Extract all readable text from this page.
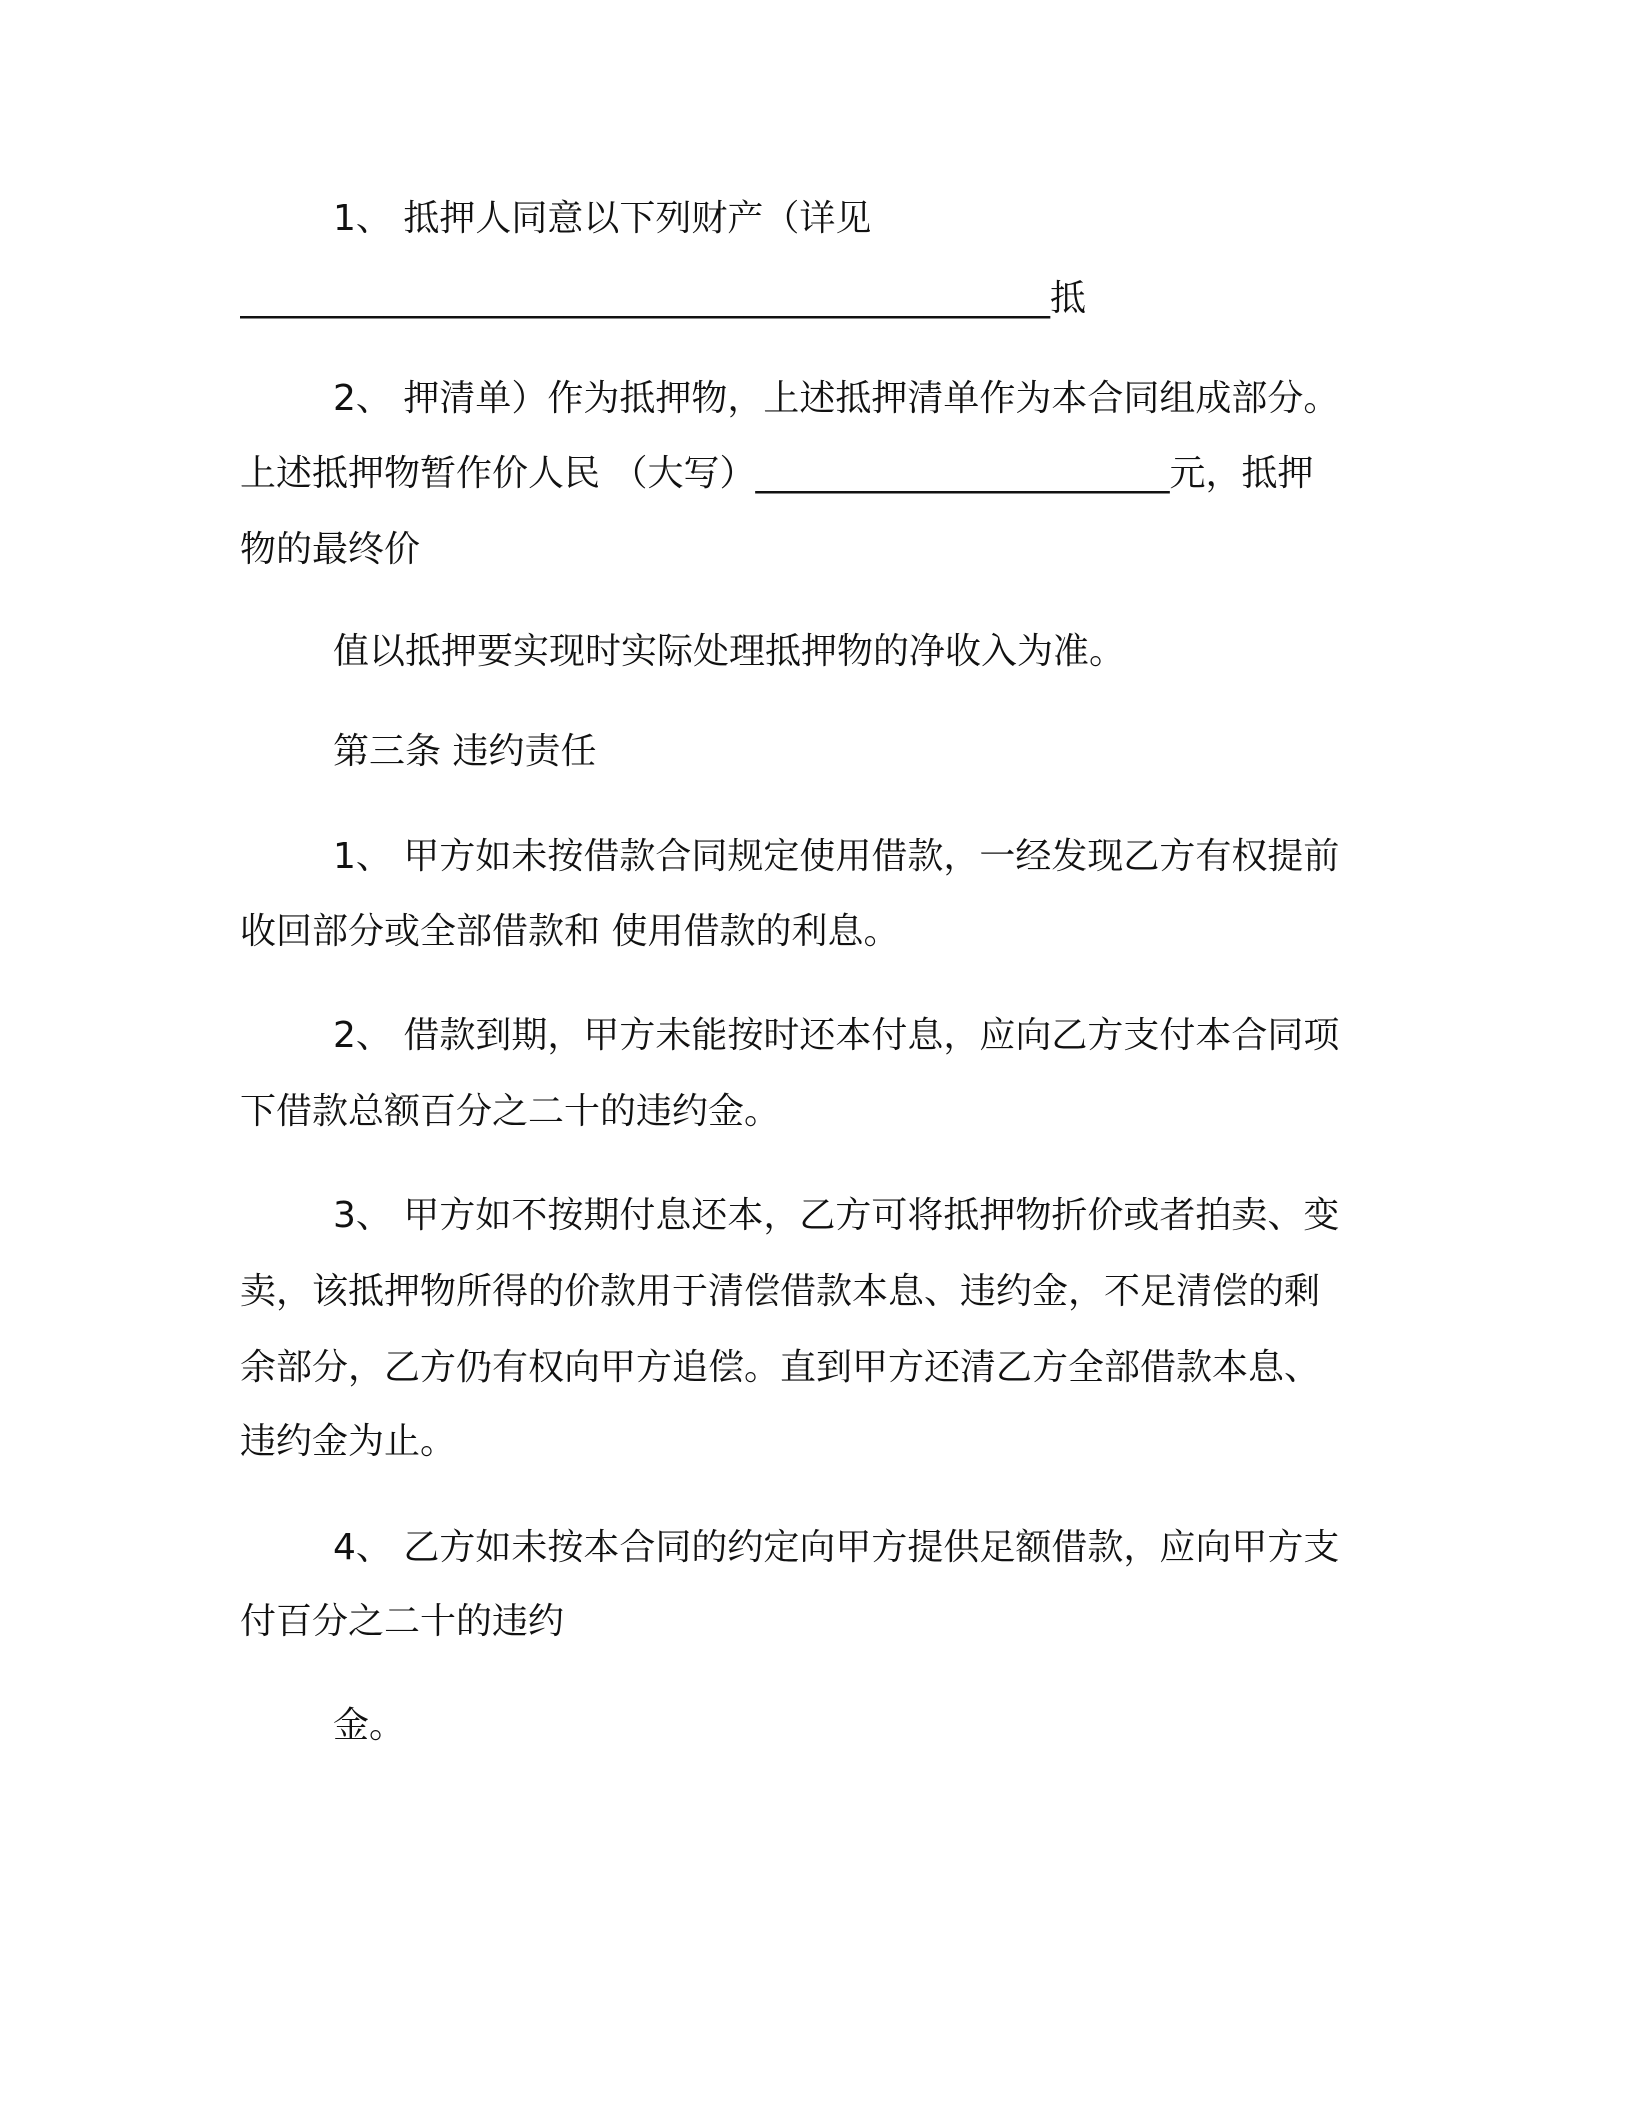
1、 抵押人同意以下列财产（详见
_____________________________________________抵
2、 押清单）作为抵押物，上述抵押清单作为本合同组成部分。
上述抵押物暂作价人民 （大写）_______________________元，抵押
物的最终价
值以抵押要实现时实际处理抵押物的净收入为准。
第三条 违约责任
1、 甲方如未按借款合同规定使用借款，一经发现乙方有权提前
收回部分或全部借款和 使用借款的利息。
2、 借款到期，甲方未能按时还本付息，应向乙方支付本合同项
下借款总额百分之二十的违约金。
3、 甲方如不按期付息还本，乙方可将抵押物折价或者拍卖、变
卖，该抵押物所得的价款用于清偿借款本息、违约金，不足清偿的剩
余部分，乙方仍有权向甲方追偿。直到甲方还清乙方全部借款本息、
违约金为止。
4、 乙方如未按本合同的约定向甲方提供足额借款，应向甲方支
付百分之二十的违约
金。
